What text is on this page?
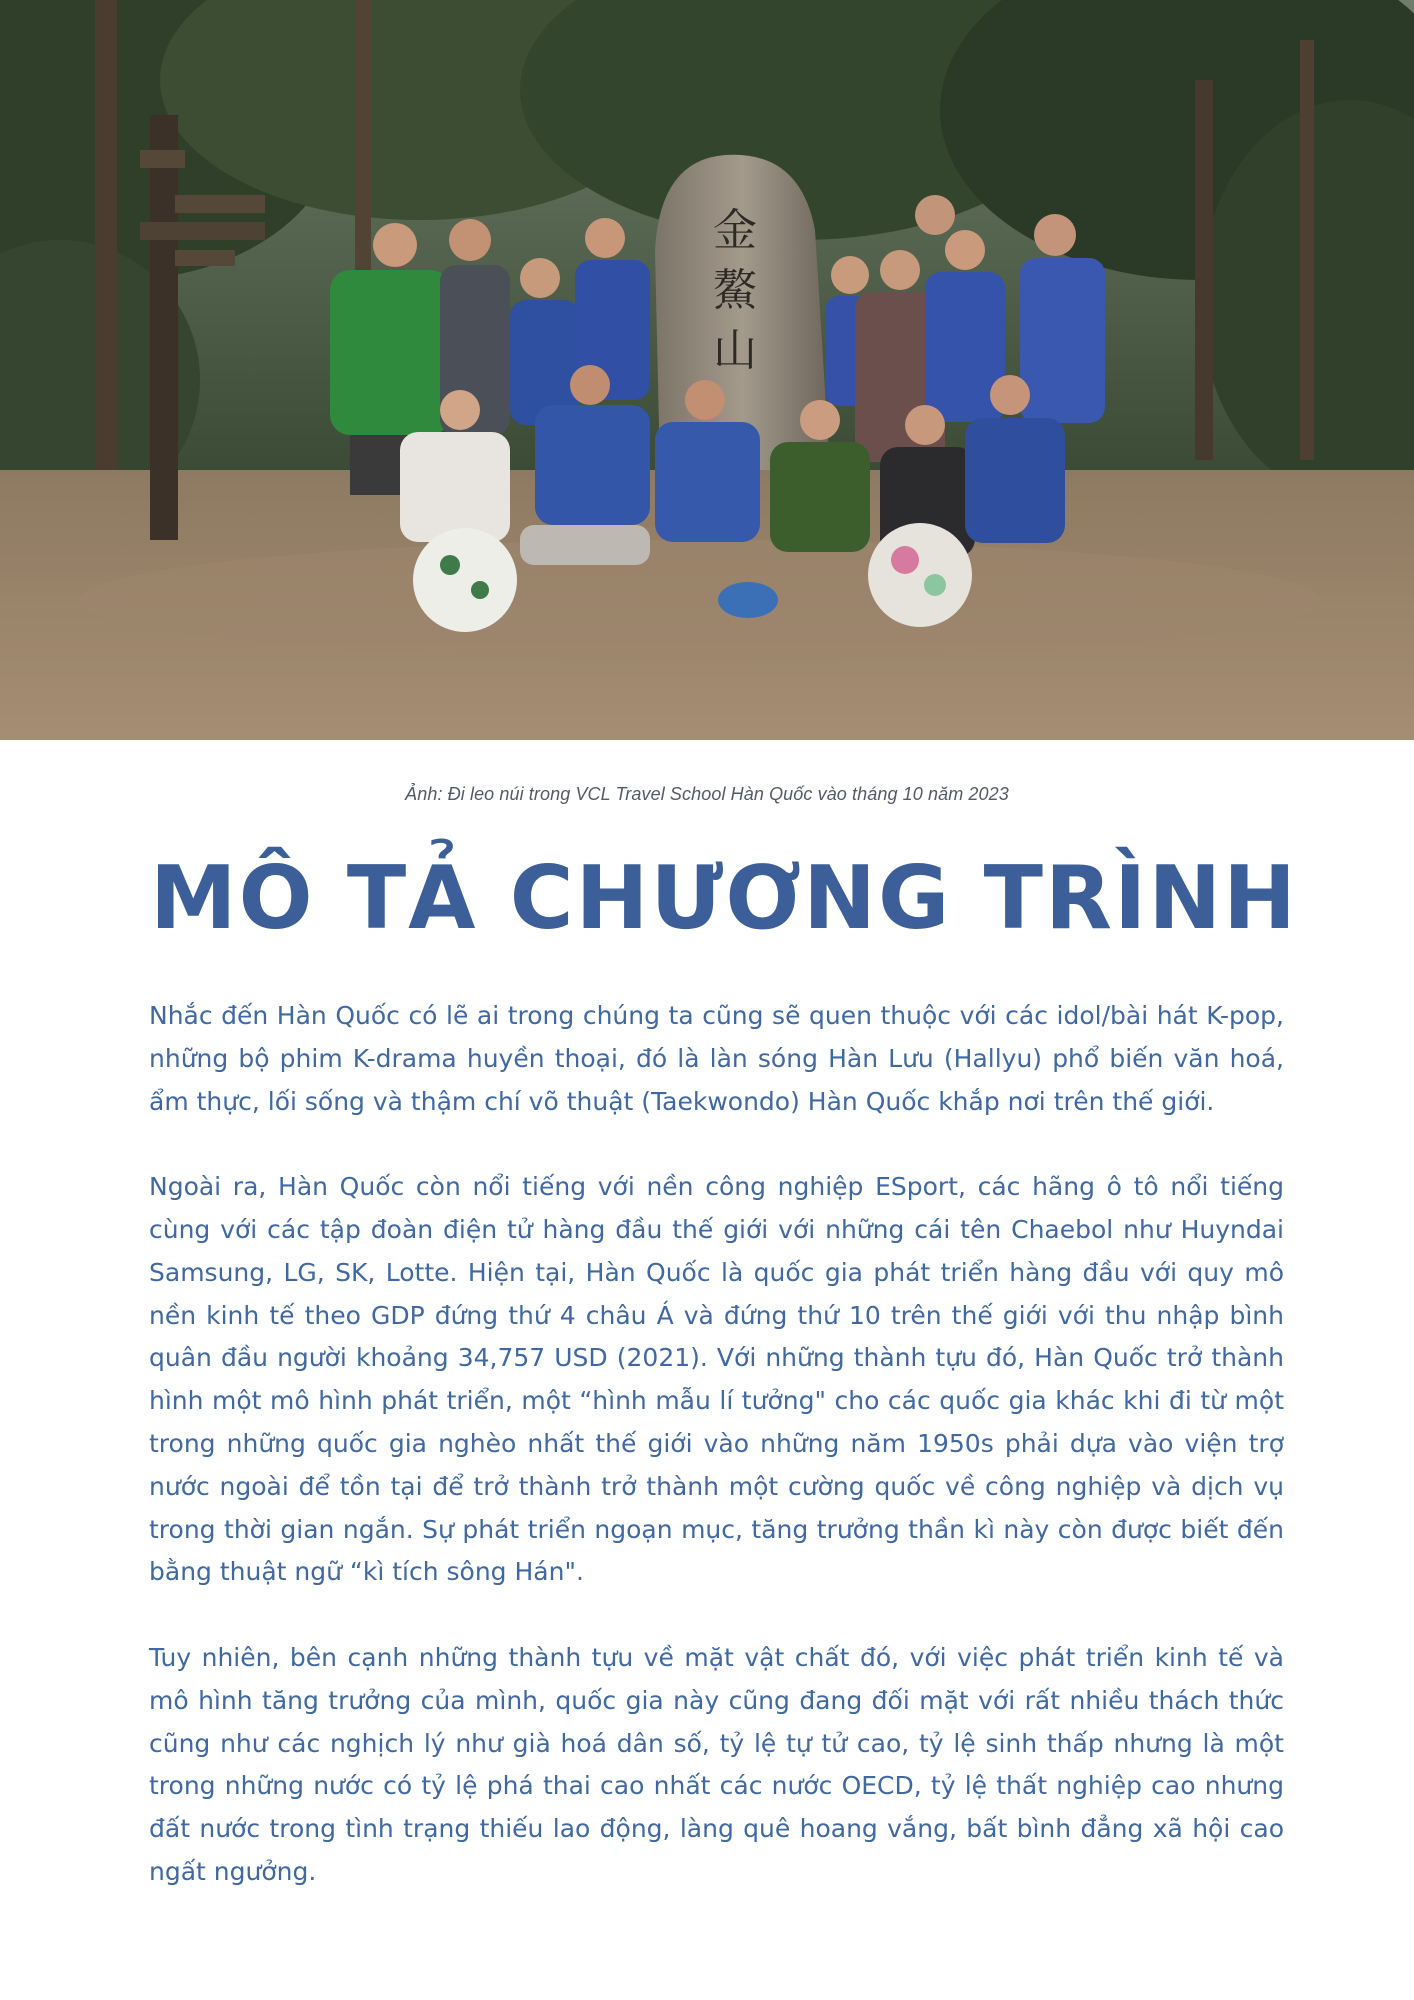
金
鰲
山
Ảnh: Đi leo núi trong VCL Travel School Hàn Quốc vào tháng 10 năm 2023
MÔ TẢ CHƯƠNG TRÌNH

Nhắc đến Hàn Quốc có lẽ ai trong chúng ta cũng sẽ quen thuộc với các idol/bài hát K-pop, những bộ phim K-drama huyền thoại, đó là làn sóng Hàn Lưu (Hallyu) phổ biến văn hoá, ẩm thực, lối sống và thậm chí võ thuật (Taekwondo) Hàn Quốc khắp nơi trên thế giới.

Ngoài ra, Hàn Quốc còn nổi tiếng với nền công nghiệp ESport, các hãng ô tô nổi tiếng cùng với các tập đoàn điện tử hàng đầu thế giới với những cái tên Chaebol như Huyndai Samsung, LG, SK, Lotte. Hiện tại, Hàn Quốc là quốc gia phát triển hàng đầu với quy mô nền kinh tế theo GDP đứng thứ 4 châu Á và đứng thứ 10 trên thế giới với thu nhập bình quân đầu người khoảng 34,757 USD (2021). Với những thành tựu đó, Hàn Quốc trở thành hình một mô hình phát triển, một “hình mẫu lí tưởng" cho các quốc gia khác khi đi từ một trong những quốc gia nghèo nhất thế giới vào những năm 1950s phải dựa vào viện trợ nước ngoài để tồn tại để trở thành trở thành một cường quốc về công nghiệp và dịch vụ trong thời gian ngắn. Sự phát triển ngoạn mục, tăng trưởng thần kì này còn được biết đến bằng thuật ngữ “kì tích sông Hán".

Tuy nhiên, bên cạnh những thành tựu về mặt vật chất đó, với việc phát triển kinh tế và mô hình tăng trưởng của mình, quốc gia này cũng đang đối mặt với rất nhiều thách thức cũng như các nghịch lý như già hoá dân số, tỷ lệ tự tử cao, tỷ lệ sinh thấp nhưng là một trong những nước có tỷ lệ phá thai cao nhất các nước OECD, tỷ lệ thất nghiệp cao nhưng đất nước trong tình trạng thiếu lao động, làng quê hoang vắng, bất bình đẳng xã hội cao ngất ngưởng.
